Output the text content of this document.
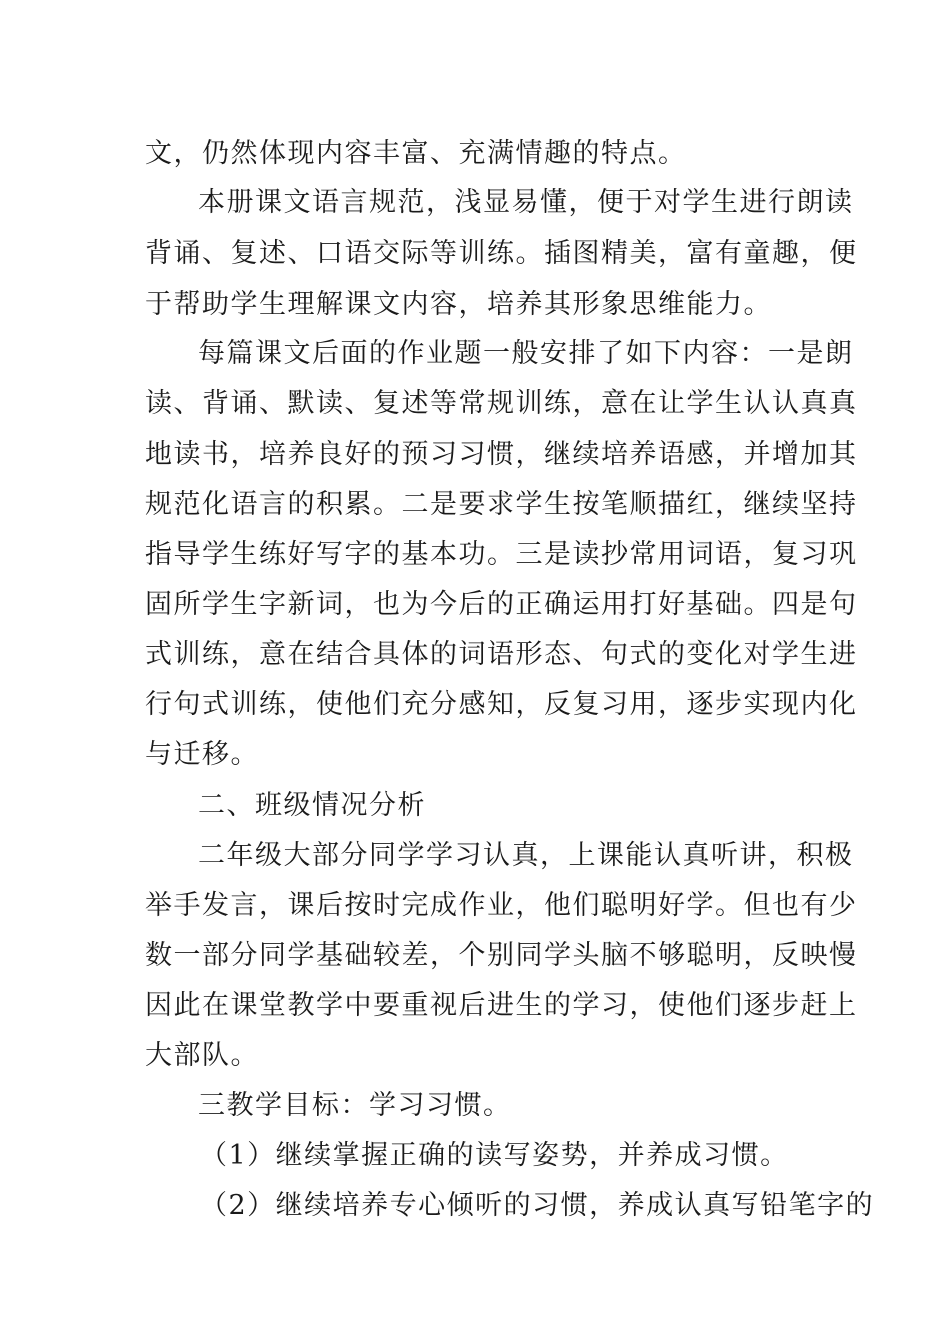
文，仍然体现内容丰富、充满情趣的特点。
本册课文语言规范，浅显易懂，便于对学生进行朗读
背诵、复述、口语交际等训练。插图精美，富有童趣，便
于帮助学生理解课文内容，培养其形象思维能力。
每篇课文后面的作业题一般安排了如下内容：一是朗
读、背诵、默读、复述等常规训练，意在让学生认认真真
地读书，培养良好的预习习惯，继续培养语感，并增加其
规范化语言的积累。二是要求学生按笔顺描红，继续坚持
指导学生练好写字的基本功。三是读抄常用词语，复习巩
固所学生字新词，也为今后的正确运用打好基础。四是句
式训练，意在结合具体的词语形态、句式的变化对学生进
行句式训练，使他们充分感知，反复习用，逐步实现内化
与迁移。
二、班级情况分析
二年级大部分同学学习认真，上课能认真听讲，积极
举手发言，课后按时完成作业，他们聪明好学。但也有少
数一部分同学基础较差，个别同学头脑不够聪明，反映慢
因此在课堂教学中要重视后进生的学习，使他们逐步赶上
大部队。
三教学目标：学习习惯。
（1）继续掌握正确的读写姿势，并养成习惯。
（2）继续培养专心倾听的习惯，养成认真写铅笔字的
